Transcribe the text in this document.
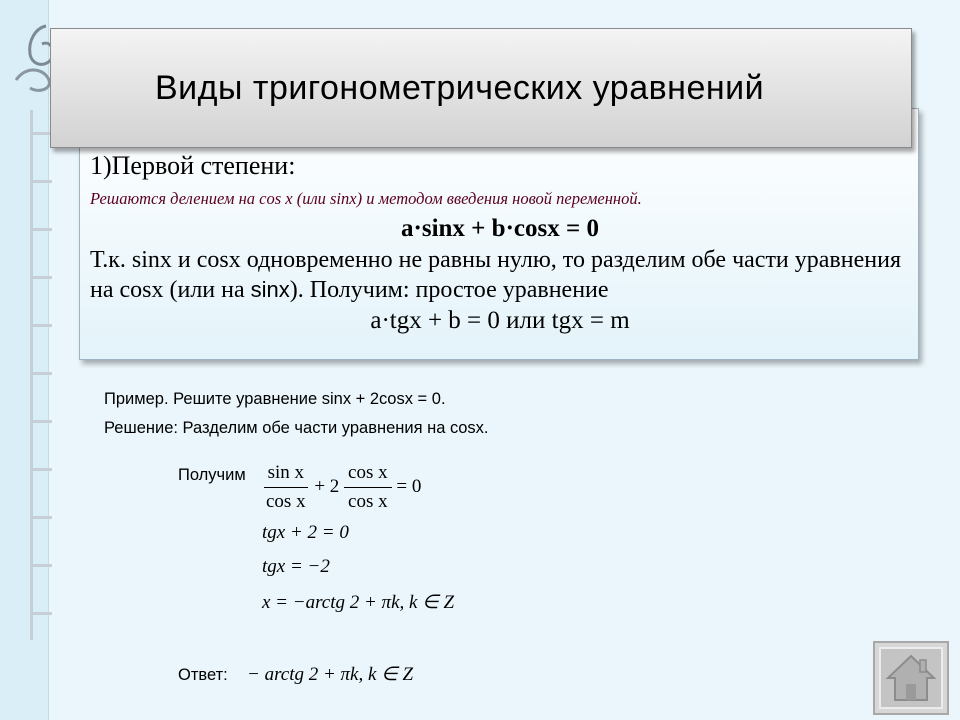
1)Первой степени:
Решаются делением на cos x (или sinx) и методом введения новой переменной.
a·sinx + b·cosx = 0
Т.к. sinx и cosx одновременно не равны нулю, то разделим обе части уравнения на cosx (или на sinx). Получим: простое уравнение
a·tgx + b = 0 или tgx = m
Виды тригонометрических уравнений
Пример. Решите уравнение sinx + 2cosx = 0.
Решение: Разделим обе части уравнения на cosx.
Получим $\frac{\text{sin x}}{\text{cos x}} + 2 \frac{\text{cos x}}{\text{cos x}} = 0$
tgx + 2 = 0
tgx = −2
x = −arctg 2 + πk, k ∈ Z
Ответ: − arctg 2 + πk, k ∈ Z
